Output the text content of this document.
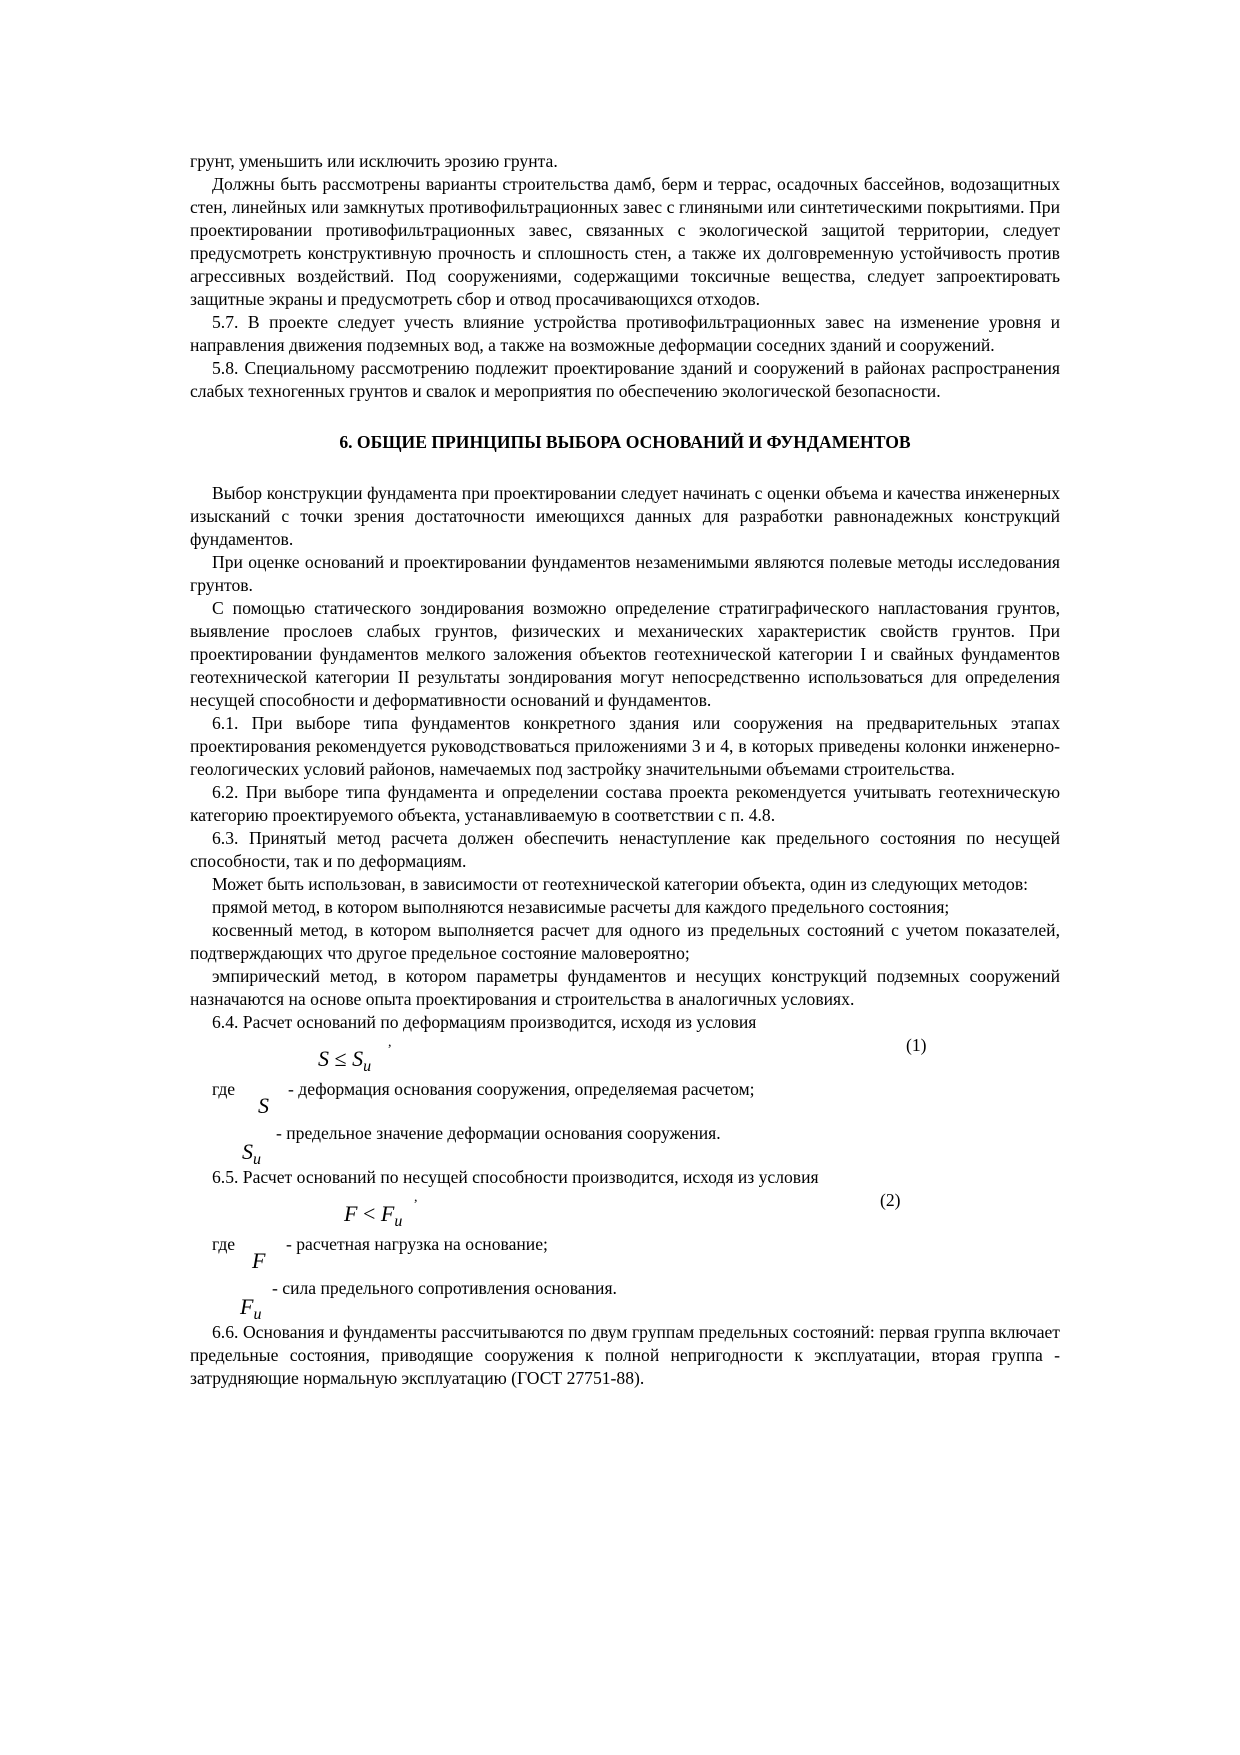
грунт, уменьшить или исключить эрозию грунта.

Должны быть рассмотрены варианты строительства дамб, берм и террас, осадочных бассейнов, водозащитных стен, линейных или замкнутых противофильтрационных завес с глиняными или синтетическими покрытиями. При проектировании противофильтрационных завес, связанных с экологической защитой территории, следует предусмотреть конструктивную прочность и сплошность стен, а также их долговременную устойчивость против агрессивных воздействий. Под сооружениями, содержащими токсичные вещества, следует запроектировать защитные экраны и предусмотреть сбор и отвод просачивающихся отходов.

5.7. В проекте следует учесть влияние устройства противофильтрационных завес на изменение уровня и направления движения подземных вод, а также на возможные деформации соседних зданий и сооружений.

5.8. Специальному рассмотрению подлежит проектирование зданий и сооружений в районах распространения слабых техногенных грунтов и свалок и мероприятия по обеспечению экологической безопасности.

6. ОБЩИЕ ПРИНЦИПЫ ВЫБОРА ОСНОВАНИЙ И ФУНДАМЕНТОВ

Выбор конструкции фундамента при проектировании следует начинать с оценки объема и качества инженерных изысканий с точки зрения достаточности имеющихся данных для разработки равнонадежных конструкций фундаментов.

При оценке оснований и проектировании фундаментов незаменимыми являются полевые методы исследования грунтов.

С помощью статического зондирования возможно определение стратиграфического напластования грунтов, выявление прослоев слабых грунтов, физических и механических характеристик свойств грунтов. При проектировании фундаментов мелкого заложения объектов геотехнической категории I и свайных фундаментов геотехнической категории II результаты зондирования могут непосредственно использоваться для определения несущей способности и деформативности оснований и фундаментов.

6.1. При выборе типа фундаментов конкретного здания или сооружения на предварительных этапах проектирования рекомендуется руководствоваться приложениями 3 и 4, в которых приведены колонки инженерно-геологических условий районов, намечаемых под застройку значительными объемами строительства.

6.2. При выборе типа фундамента и определении состава проекта рекомендуется учитывать геотехническую категорию проектируемого объекта, устанавливаемую в соответствии с п. 4.8.

6.3. Принятый метод расчета должен обеспечить ненаступление как предельного состояния по несущей способности, так и по деформациям.

Может быть использован, в зависимости от геотехнической категории объекта, один из следующих методов:

прямой метод, в котором выполняются независимые расчеты для каждого предельного состояния;

косвенный метод, в котором выполняется расчет для одного из предельных состояний с учетом показателей, подтверждающих что другое предельное состояние маловероятно;

эмпирический метод, в котором параметры фундаментов и несущих конструкций подземных сооружений назначаются на основе опыта проектирования и строительства в аналогичных условиях.

6.4. Расчет оснований по деформациям производится, исходя из условия

,
$S \le S_u$
(1)
где
S
- деформация основания сооружения, определяемая расчетом;
$S_u$
- предельное значение деформации основания сооружения.

6.5. Расчет оснований по несущей способности производится, исходя из условия

,
$F < F_u$
(2)
где
F
- расчетная нагрузка на основание;
$F_u$
- сила предельного сопротивления основания.

6.6. Основания и фундаменты рассчитываются по двум группам предельных состояний: первая группа включает предельные состояния, приводящие сооружения к полной непригодности к эксплуатации, вторая группа - затрудняющие нормальную эксплуатацию (ГОСТ 27751-88).
